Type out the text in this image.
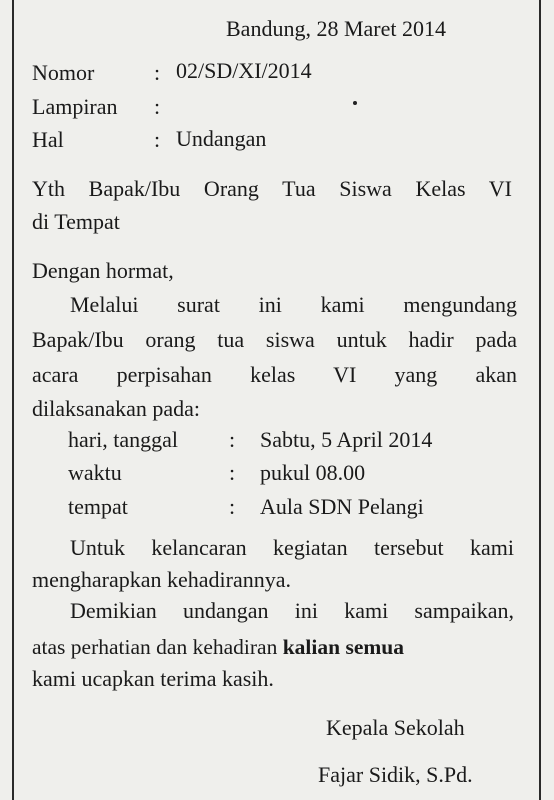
Bandung, 28 Maret 2014
Nomor	: 02/SD/XI/2014
Lampiran :
Hal	: Undangan
Yth Bapak/Ibu Orang Tua Siswa Kelas VI
di Tempat
Dengan hormat,
Melalui surat ini kami mengundang
Bapak/Ibu orang tua siswa untuk hadir pada
acara perpisahan kelas VI yang akan
dilaksanakan pada:
hari, tanggal : Sabtu, 5 April 2014
waktu	: pukul 08.00
tempat	: Aula SDN Pelangi
Untuk kelancaran kegiatan tersebut kami
mengharapkan kehadirannya.
Demikian undangan ini kami sampaikan,
atas perhatian dan kehadiran kalian semua
kami ucapkan terima kasih.
Kepala Sekolah
Fajar Sidik, S.Pd.
